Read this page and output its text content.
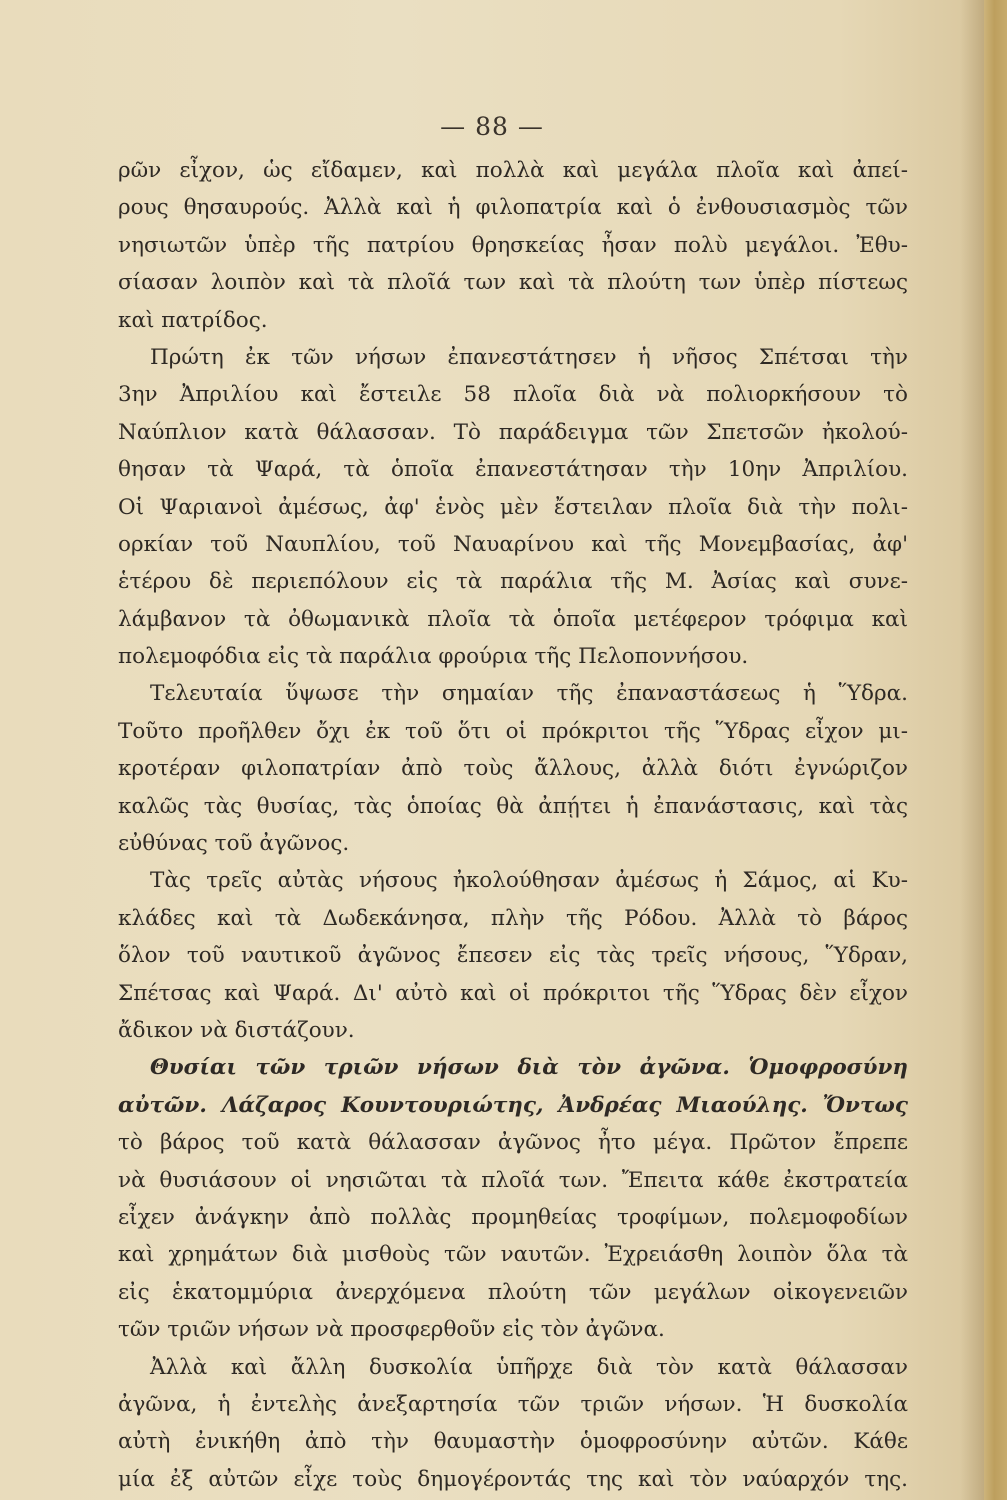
— 88 —
ρῶν εἶχον, ὡς εἴδαμεν, καὶ πολλὰ καὶ μεγάλα πλοῖα καὶ ἀπεί-
ρους θησαυρούς. Ἀλλὰ καὶ ἡ φιλοπατρία καὶ ὁ ἐνθουσιασμὸς τῶν
νησιωτῶν ὑπὲρ τῆς πατρίου θρησκείας ἦσαν πολὺ μεγάλοι. Ἐθυ-
σίασαν λοιπὸν καὶ τὰ πλοῖά των καὶ τὰ πλούτη των ὑπὲρ πίστεως
καὶ πατρίδος.
Πρώτη ἐκ τῶν νήσων ἐπανεστάτησεν ἡ νῆσος Σπέτσαι τὴν
3ην Ἀπριλίου καὶ ἔστειλε 58 πλοῖα διὰ νὰ πολιορκήσουν τὸ
Ναύπλιον κατὰ θάλασσαν. Τὸ παράδειγμα τῶν Σπετσῶν ἠκολού-
θησαν τὰ Ψαρά, τὰ ὁποῖα ἐπανεστάτησαν τὴν 10ην Ἀπριλίου.
Οἱ Ψαριανοὶ ἀμέσως, ἀφ' ἑνὸς μὲν ἔστειλαν πλοῖα διὰ τὴν πολι-
ορκίαν τοῦ Ναυπλίου, τοῦ Ναυαρίνου καὶ τῆς Μονεμβασίας, ἀφ'
ἑτέρου δὲ περιεπόλουν εἰς τὰ παράλια τῆς Μ. Ἀσίας καὶ συνε-
λάμβανον τὰ ὀθωμανικὰ πλοῖα τὰ ὁποῖα μετέφερον τρόφιμα καὶ
πολεμοφόδια εἰς τὰ παράλια φρούρια τῆς Πελοποννήσου.
Τελευταία ὕψωσε τὴν σημαίαν τῆς ἐπαναστάσεως ἡ Ὕδρα.
Τοῦτο προῆλθεν ὄχι ἐκ τοῦ ὅτι οἱ πρόκριτοι τῆς Ὕδρας εἶχον μι-
κροτέραν φιλοπατρίαν ἀπὸ τοὺς ἄλλους, ἀλλὰ διότι ἐγνώριζον
καλῶς τὰς θυσίας, τὰς ὁποίας θὰ ἀπῄτει ἡ ἐπανάστασις, καὶ τὰς
εὐθύνας τοῦ ἀγῶνος.
Τὰς τρεῖς αὐτὰς νήσους ἠκολούθησαν ἀμέσως ἡ Σάμος, αἱ Κυ-
κλάδες καὶ τὰ Δωδεκάνησα, πλὴν τῆς Ρόδου. Ἀλλὰ τὸ βάρος
ὅλον τοῦ ναυτικοῦ ἀγῶνος ἔπεσεν εἰς τὰς τρεῖς νήσους, Ὕδραν,
Σπέτσας καὶ Ψαρά. Δι' αὐτὸ καὶ οἱ πρόκριτοι τῆς Ὕδρας δὲν εἶχον
ἄδικον νὰ διστάζουν.
Θυσίαι τῶν τριῶν νήσων διὰ τὸν ἀγῶνα. Ὁμοφροσύνη
αὐτῶν. Λάζαρος Κουντουριώτης, Ἀνδρέας Μιαούλης. Ὄντως
τὸ βάρος τοῦ κατὰ θάλασσαν ἀγῶνος ἦτο μέγα. Πρῶτον ἔπρεπε
νὰ θυσιάσουν οἱ νησιῶται τὰ πλοῖά των. Ἔπειτα κάθε ἐκστρατεία
εἶχεν ἀνάγκην ἀπὸ πολλὰς προμηθείας τροφίμων, πολεμοφοδίων
καὶ χρημάτων διὰ μισθοὺς τῶν ναυτῶν. Ἐχρειάσθη λοιπὸν ὅλα τὰ
εἰς ἑκατομμύρια ἀνερχόμενα πλούτη τῶν μεγάλων οἰκογενειῶν
τῶν τριῶν νήσων νὰ προσφερθοῦν εἰς τὸν ἀγῶνα.
Ἀλλὰ καὶ ἄλλη δυσκολία ὑπῆρχε διὰ τὸν κατὰ θάλασσαν
ἀγῶνα, ἡ ἐντελὴς ἀνεξαρτησία τῶν τριῶν νήσων. Ἡ δυσκολία
αὐτὴ ἐνικήθη ἀπὸ τὴν θαυμαστὴν ὁμοφροσύνην αὐτῶν. Κάθε
μία ἐξ αὐτῶν εἶχε τοὺς δημογέροντάς της καὶ τὸν ναύαρχόν της.
